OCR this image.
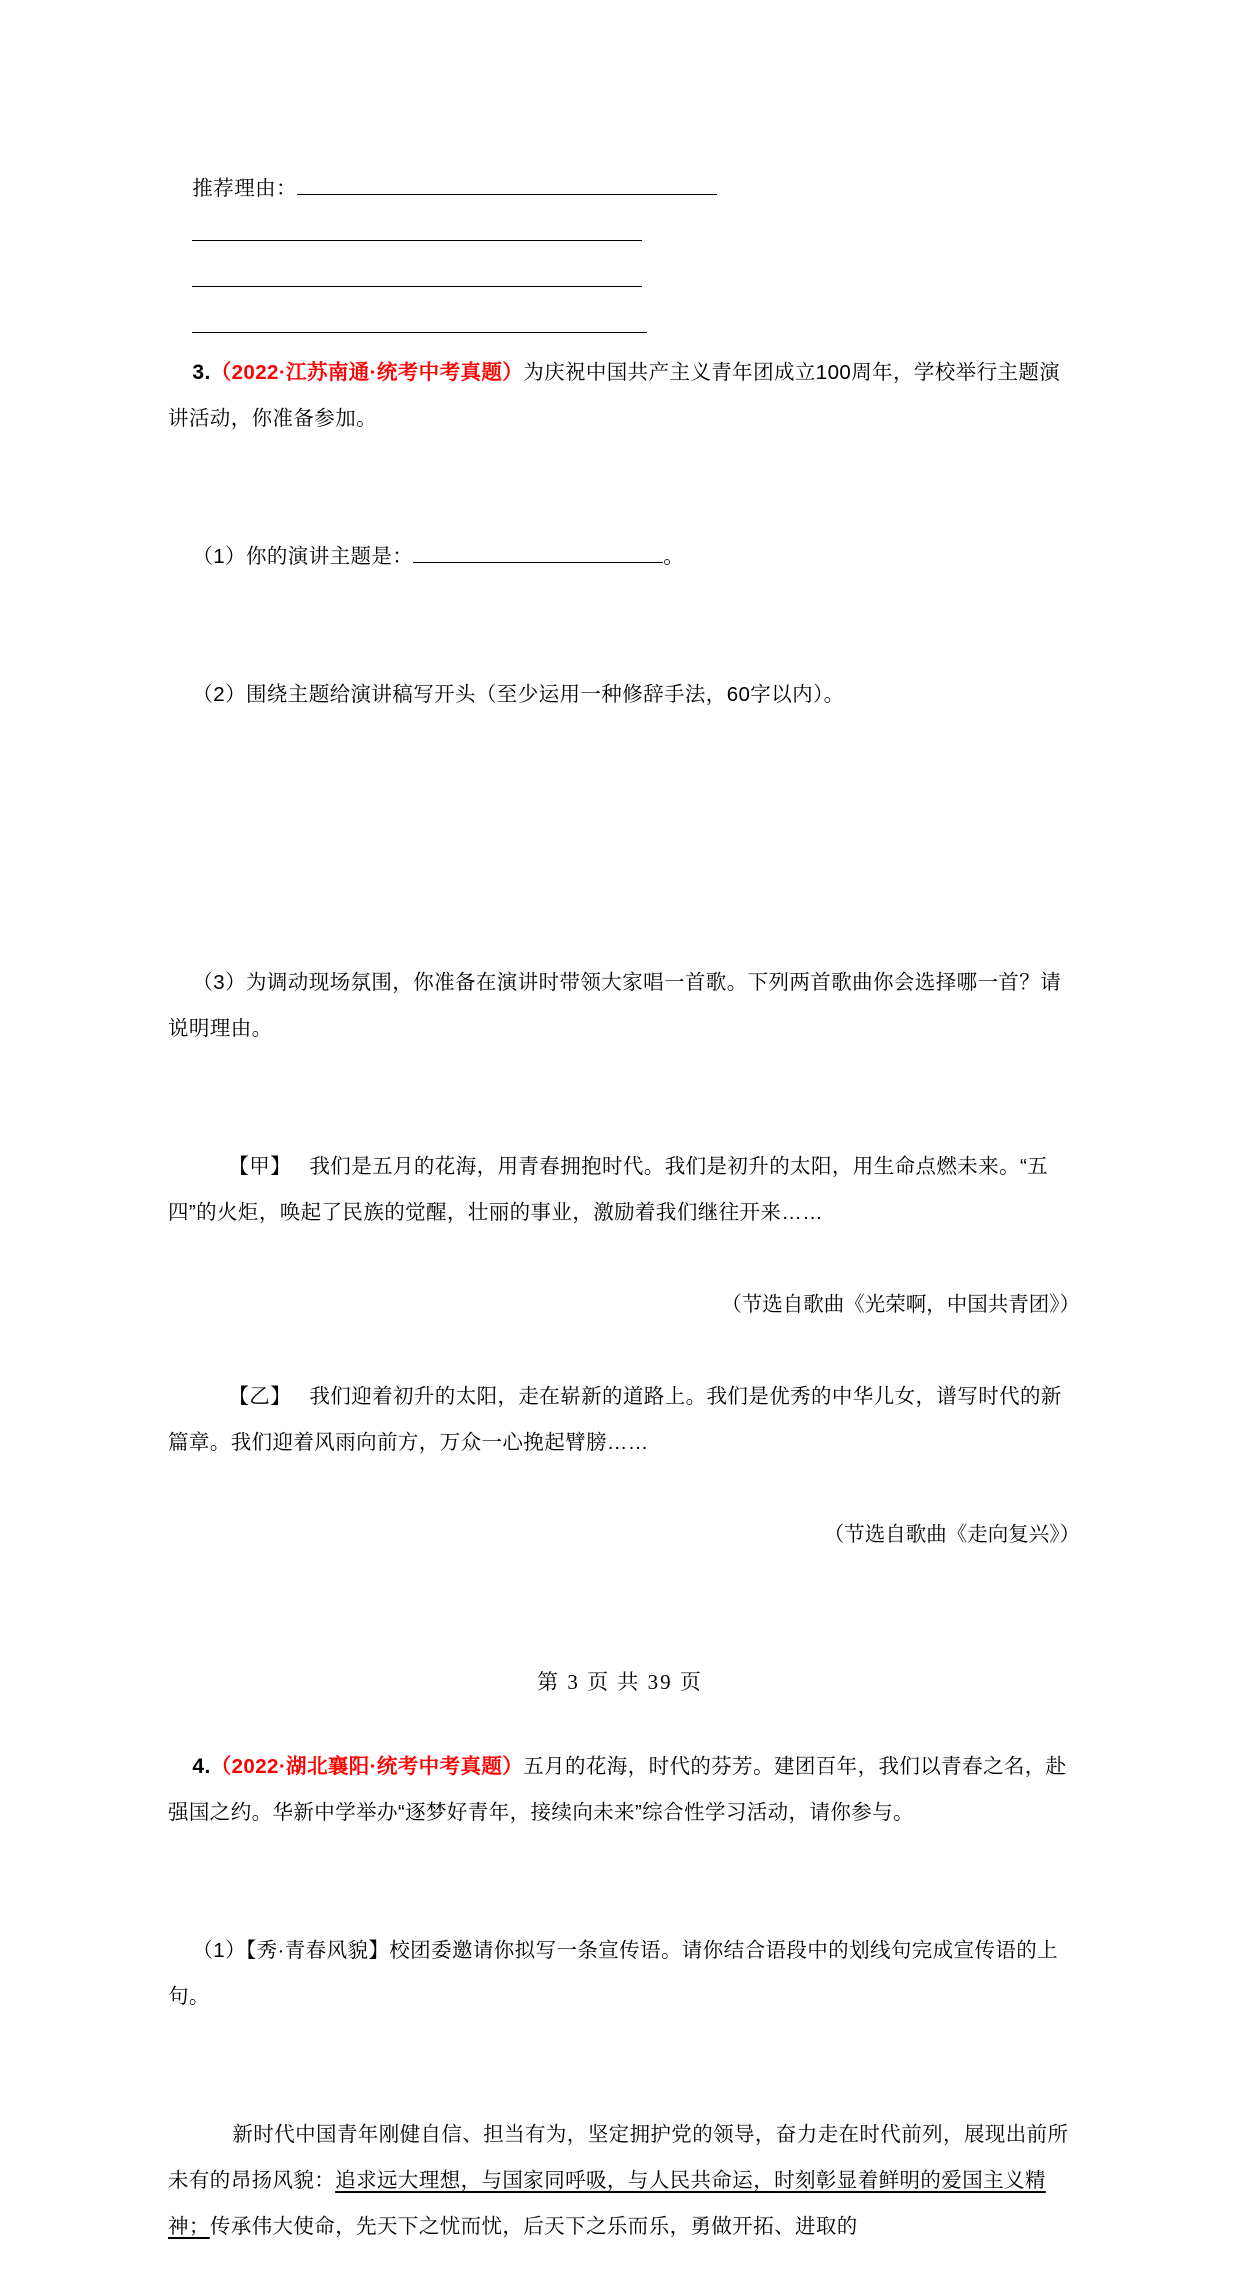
推荐理由：

3.（2022·江苏南通·统考中考真题）为庆祝中国共产主义青年团成立100周年，学校举行主题演讲活动，你准备参加。

（1）你的演讲主题是：	。

（2）围绕主题给演讲稿写开头（至少运用一种修辞手法，60字以内）。

（3）为调动现场氛围，你准备在演讲时带领大家唱一首歌。下列两首歌曲你会选择哪一首？请说明理由。

【甲】 我们是五月的花海，用青春拥抱时代。我们是初升的太阳，用生命点燃未来。“五四”的火炬，唤起了民族的觉醒，壮丽的事业，激励着我们继往开来……

（节选自歌曲《光荣啊，中国共青团》）

【乙】 我们迎着初升的太阳，走在崭新的道路上。我们是优秀的中华儿女，谱写时代的新篇章。我们迎着风雨向前方，万众一心挽起臂膀……

（节选自歌曲《走向复兴》）

4.（2022·湖北襄阳·统考中考真题）五月的花海，时代的芬芳。建团百年，我们以青春之名，赴强国之约。华新中学举办“逐梦好青年，接续向未来”综合性学习活动，请你参与。

（1）【秀·青春风貌】校团委邀请你拟写一条宣传语。请你结合语段中的划线句完成宣传语的上句。

新时代中国青年刚健自信、担当有为，坚定拥护党的领导，奋力走在时代前列，展现出前所未有的昂扬风貌：追求远大理想，与国家同呼吸，与人民共命运，时刻彰显着鲜明的爱国主义精神；传承伟大使命，先天下之忧而忧，后天下之乐而乐，勇做开拓、进取的

第 3 页 共 39 页
